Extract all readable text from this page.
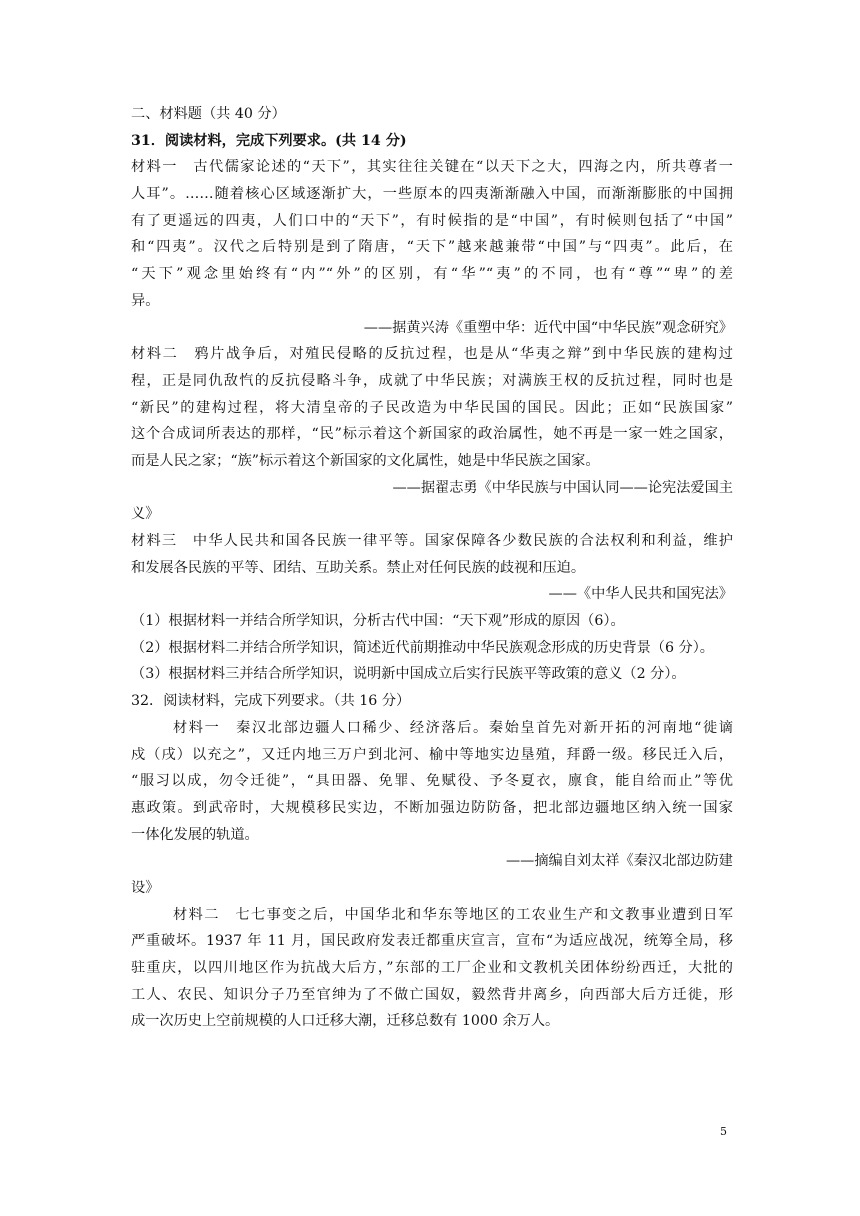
二、材料题（共 40 分）
31．阅读材料，完成下列要求。(共 14 分)
材料一　古代儒家论述的“天下”，其实往往关键在“以天下之大，四海之内，所共尊者一
人耳”。……随着核心区域逐渐扩大，一些原本的四夷渐渐融入中国，而渐渐膨胀的中国拥
有了更遥远的四夷，人们口中的“天下”，有时候指的是“中国”，有时候则包括了“中国”
和“四夷”。汉代之后特别是到了隋唐，“天下”越来越兼带“中国”与“四夷”。此后，在
“天下”观念里始终有“内”“外”的区别，有“华”“夷”的不同，也有“尊”“卑”的差
异。
——据黄兴涛《重塑中华：近代中国“中华民族”观念研究》
材料二　鸦片战争后，对殖民侵略的反抗过程，也是从“华夷之辩”到中华民族的建构过
程，正是同仇敌忾的反抗侵略斗争，成就了中华民族；对满族王权的反抗过程，同时也是
“新民”的建构过程，将大清皇帝的子民改造为中华民国的国民。因此；正如“民族国家”
这个合成词所表达的那样，“民”标示着这个新国家的政治属性，她不再是一家一姓之国家，
而是人民之家；“族”标示着这个新国家的文化属性，她是中华民族之国家。
——据翟志勇《中华民族与中国认同——论宪法爱国主
义》
材料三　中华人民共和国各民族一律平等。国家保障各少数民族的合法权利和利益，维护
和发展各民族的平等、团结、互助关系。禁止对任何民族的歧视和压迫。
——《中华人民共和国宪法》
（1）根据材料一并结合所学知识，分析古代中国：“天下观”形成的原因（6）。
（2）根据材料二并结合所学知识，简述近代前期推动中华民族观念形成的历史背景（6 分）。
（3）根据材料三并结合所学知识，说明新中国成立后实行民族平等政策的意义（2 分）。
32．阅读材料，完成下列要求。（共 16 分）
材料一　秦汉北部边疆人口稀少、经济落后。秦始皇首先对新开拓的河南地“徙谪
戍（戌）以充之”，又迁内地三万户到北河、榆中等地实边垦殖，拜爵一级。移民迁入后，
“服习以成，勿令迁徙”，“具田器、免罪、免赋役、予冬夏衣，廪食，能自给而止”等优
惠政策。到武帝时，大规模移民实边，不断加强边防防备，把北部边疆地区纳入统一国家
一体化发展的轨道。
——摘编自刘太祥《秦汉北部边防建
设》
材料二　七七事变之后，中国华北和华东等地区的工农业生产和文教事业遭到日军
严重破坏。1937 年 11 月，国民政府发表迁都重庆宣言，宣布“为适应战况，统筹全局，移
驻重庆，以四川地区作为抗战大后方，”东部的工厂企业和文教机关团体纷纷西迁，大批的
工人、农民、知识分子乃至官绅为了不做亡国奴，毅然背井离乡，向西部大后方迁徙，形
成一次历史上空前规模的人口迁移大潮，迁移总数有 1000 余万人。
5
